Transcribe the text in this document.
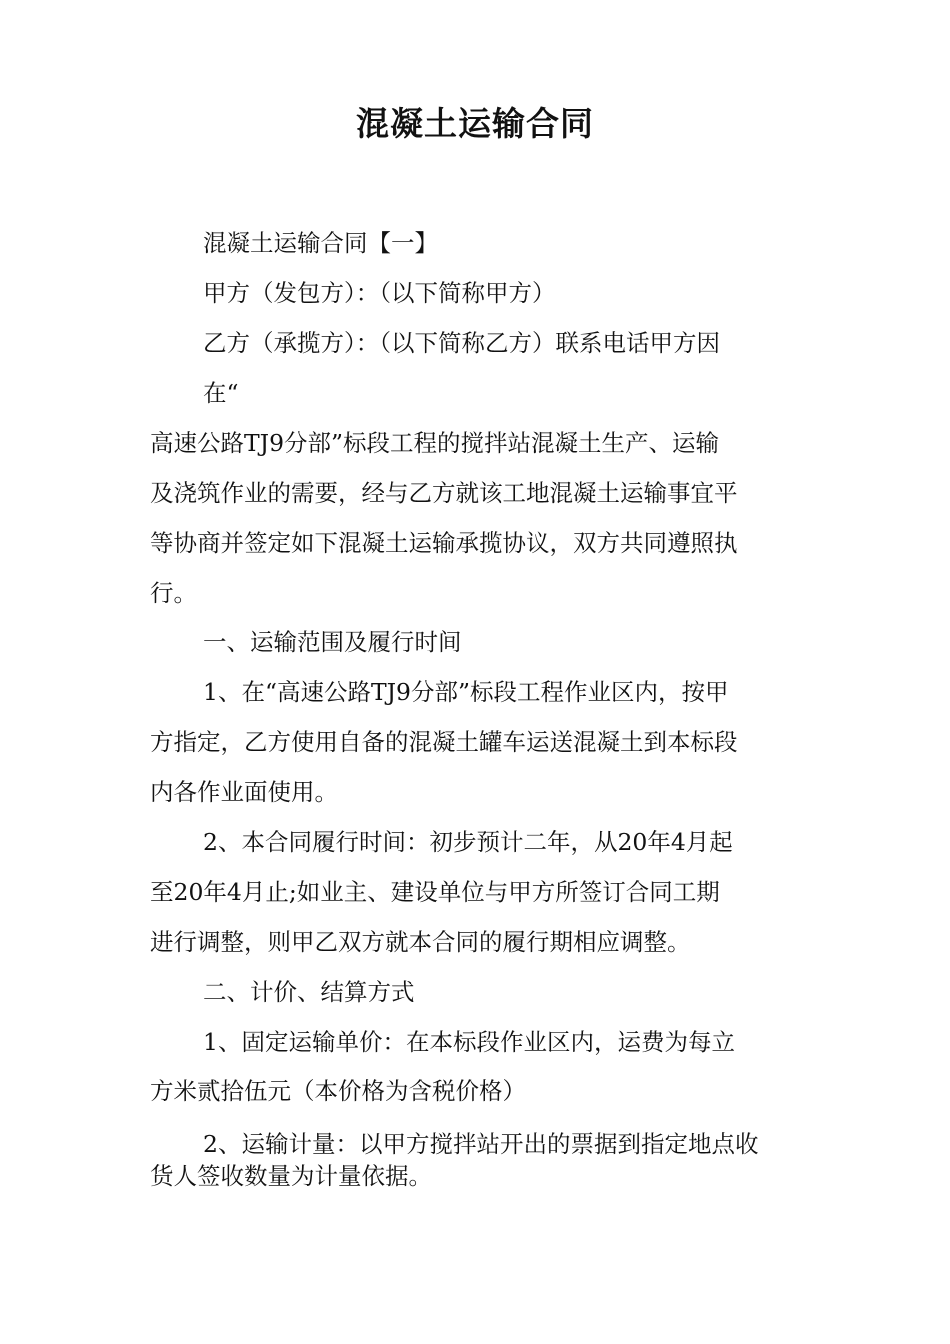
混凝土运输合同
混凝土运输合同【一】
甲方（发包方）：（以下简称甲方）
乙方（承揽方）：（以下简称乙方）联系电话甲方因
在“
高速公路TJ9分部”标段工程的搅拌站混凝土生产、运输
及浇筑作业的需要，经与乙方就该工地混凝土运输事宜平
等协商并签定如下混凝土运输承揽协议，双方共同遵照执
行。
一、运输范围及履行时间
1、在“高速公路TJ9分部”标段工程作业区内，按甲
方指定，乙方使用自备的混凝土罐车运送混凝土到本标段
内各作业面使用。
2、本合同履行时间：初步预计二年，从20年4月起
至20年4月止;如业主、建设单位与甲方所签订合同工期
进行调整，则甲乙双方就本合同的履行期相应调整。
二、计价、结算方式
1、固定运输单价：在本标段作业区内，运费为每立
方米贰拾伍元（本价格为含税价格）
2、运输计量：以甲方搅拌站开出的票据到指定地点收
货人签收数量为计量依据。
